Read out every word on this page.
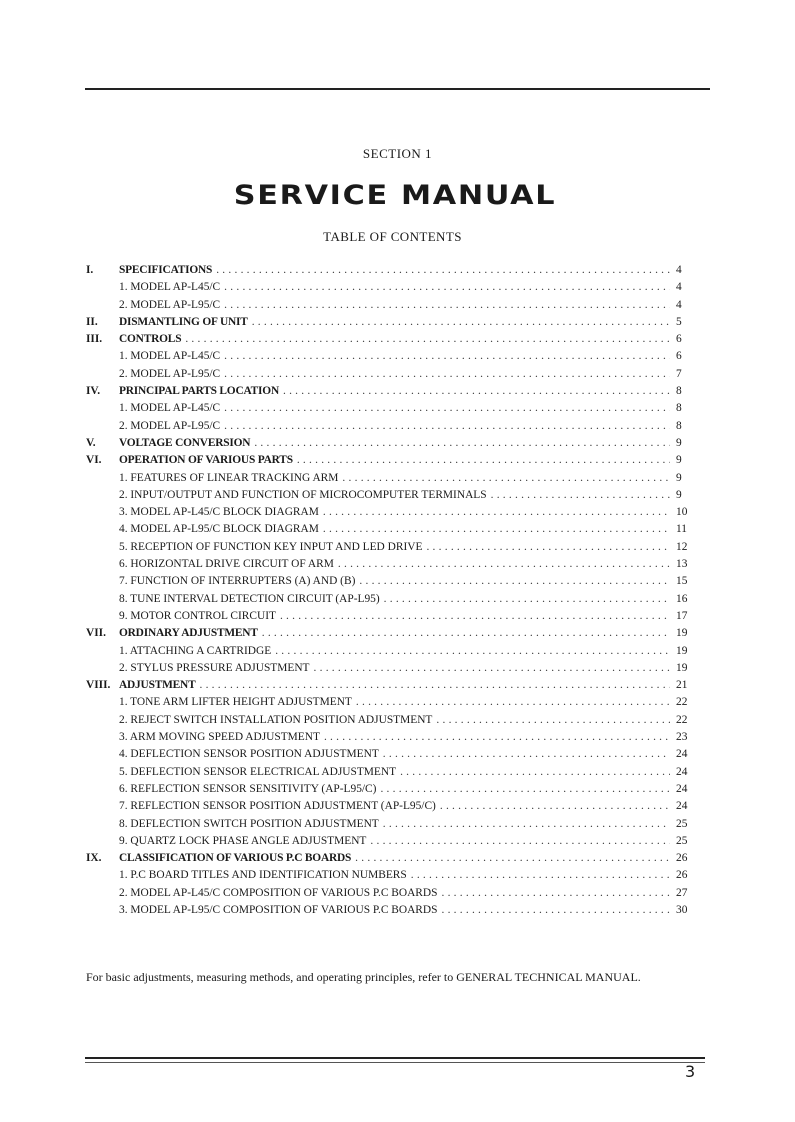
SECTION 1
SERVICE MANUAL
TABLE OF CONTENTS
I.	SPECIFICATIONS . . .	4
1. MODEL AP-L45/C . . .	4
2. MODEL AP-L95/C . . .	4
II.	DISMANTLING OF UNIT . . .	5
III.	CONTROLS . . .	6
1. MODEL AP-L45/C . . .	6
2. MODEL AP-L95/C . . .	7
IV.	PRINCIPAL PARTS LOCATION . . .	8
1. MODEL AP-L45/C . . .	8
2. MODEL AP-L95/C . . .	8
V.	VOLTAGE CONVERSION . . .	9
VI.	OPERATION OF VARIOUS PARTS . . .	9
1. FEATURES OF LINEAR TRACKING ARM . . .	9
2. INPUT/OUTPUT AND FUNCTION OF MICROCOMPUTER TERMINALS . . .	9
3. MODEL AP-L45/C BLOCK DIAGRAM . . .	10
4. MODEL AP-L95/C BLOCK DIAGRAM . . .	11
5. RECEPTION OF FUNCTION KEY INPUT AND LED DRIVE . . .	12
6. HORIZONTAL DRIVE CIRCUIT OF ARM . . .	13
7. FUNCTION OF INTERRUPTERS (A) AND (B) . . .	15
8. TUNE INTERVAL DETECTION CIRCUIT (AP-L95) . . .	16
9. MOTOR CONTROL CIRCUIT . . .	17
VII.	ORDINARY ADJUSTMENT . . .	19
1. ATTACHING A CARTRIDGE . . .	19
2. STYLUS PRESSURE ADJUSTMENT . . .	19
VIII. ADJUSTMENT . . .	21
1. TONE ARM LIFTER HEIGHT ADJUSTMENT . . .	22
2. REJECT SWITCH INSTALLATION POSITION ADJUSTMENT . . .	22
3. ARM MOVING SPEED ADJUSTMENT . . .	23
4. DEFLECTION SENSOR POSITION ADJUSTMENT . . .	24
5. DEFLECTION SENSOR ELECTRICAL ADJUSTMENT . . .	24
6. REFLECTION SENSOR SENSITIVITY (AP-L95/C) . . .	24
7. REFLECTION SENSOR POSITION ADJUSTMENT (AP-L95/C) . . .	24
8. DEFLECTION SWITCH POSITION ADJUSTMENT . . .	25
9. QUARTZ LOCK PHASE ANGLE ADJUSTMENT . . .	25
IX.	CLASSIFICATION OF VARIOUS P.C BOARDS . . .	26
1. P.C BOARD TITLES AND IDENTIFICATION NUMBERS . . .	26
2. MODEL AP-L45/C COMPOSITION OF VARIOUS P.C BOARDS . . .	27
3. MODEL AP-L95/C COMPOSITION OF VARIOUS P.C BOARDS . . .	30
For basic adjustments, measuring methods, and operating principles, refer to GENERAL TECHNICAL MANUAL.
3
